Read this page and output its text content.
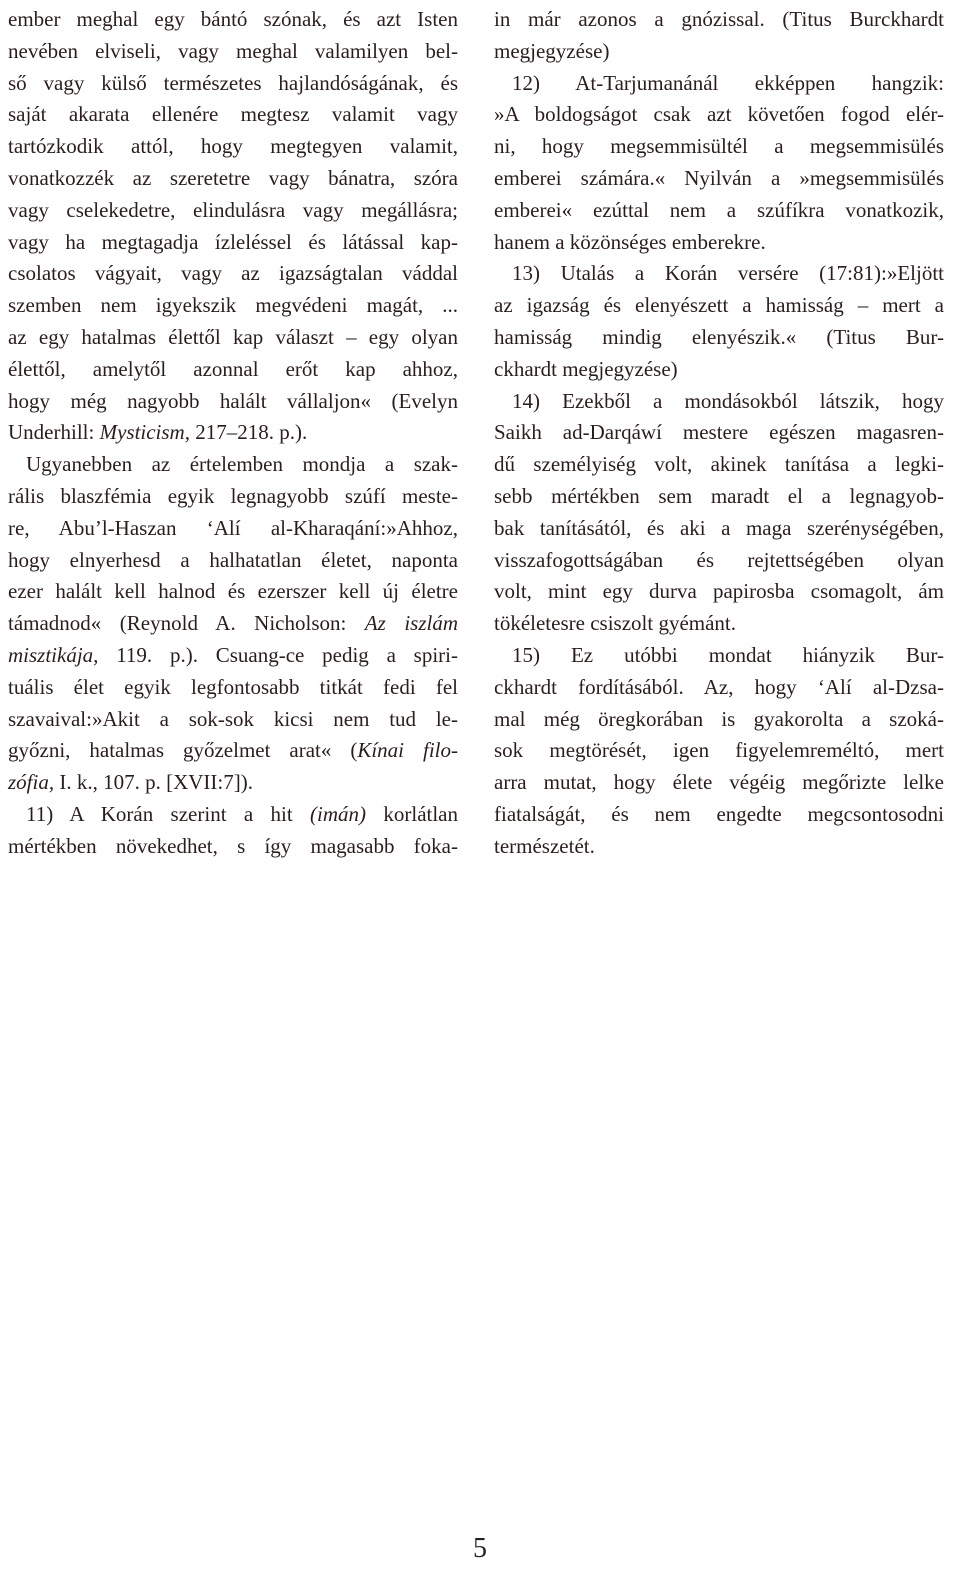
ember meghal egy bántó szónak, és azt Isten
nevében elviseli, vagy meghal valamilyen bel-
ső vagy külső természetes hajlandóságának, és
saját akarata ellenére megtesz valamit vagy
tartózkodik attól, hogy megtegyen valamit,
vonatkozzék az szeretetre vagy bánatra, szóra
vagy cselekedetre, elindulásra vagy megállásra;
vagy ha megtagadja ízleléssel és látással kap-
csolatos vágyait, vagy az igazságtalan váddal
szemben nem igyekszik megvédeni magát, ...
az egy hatalmas élettől kap választ – egy olyan
élettől, amelytől azonnal erőt kap ahhoz,
hogy még nagyobb halált vállaljon« (Evelyn
Underhill: Mysticism, 217–218. p.).

Ugyanebben az értelemben mondja a szak-
rális blaszfémia egyik legnagyobb szúfí meste-
re, Abu’l-Haszan ‘Alí al-Kharaqání:»Ahhoz,
hogy elnyerhesd a halhatatlan életet, naponta
ezer halált kell halnod és ezerszer kell új életre
támadnod« (Reynold A. Nicholson: Az iszlám
misztikája, 119. p.). Csuang-ce pedig a spiri-
tuális élet egyik legfontosabb titkát fedi fel
szavaival:»Akit a sok-sok kicsi nem tud le-
győzni, hatalmas győzelmet arat« (Kínai filo-
zófia, I. k., 107. p. [XVII:7]).

11) A Korán szerint a hit (imán) korlátlan
mértékben növekedhet, s így magasabb foka-

in már azonos a gnózissal. (Titus Burckhardt
megjegyzése)

12) At-Tarjumanánál ekképpen hangzik:
»A boldogságot csak azt követően fogod elér-
ni, hogy megsemmisültél a megsemmisülés
emberei számára.« Nyilván a »megsemmisülés
emberei« ezúttal nem a szúfíkra vonatkozik,
hanem a közönséges emberekre.

13) Utalás a Korán versére (17:81):»Eljött
az igazság és elenyészett a hamisság – mert a
hamisság mindig elenyészik.« (Titus Bur-
ckhardt megjegyzése)

14) Ezekből a mondásokból látszik, hogy
Saikh ad-Darqáwí mestere egészen magasren-
dű személyiség volt, akinek tanítása a legki-
sebb mértékben sem maradt el a legnagyob-
bak tanításától, és aki a maga szerénységében,
visszafogottságában és rejtettségében olyan
volt, mint egy durva papirosba csomagolt, ám
tökéletesre csiszolt gyémánt.

15) Ez utóbbi mondat hiányzik Bur-
ckhardt fordításából. Az, hogy ‘Alí al-Dzsa-
mal még öregkorában is gyakorolta a szoká-
sok megtörését, igen figyelemreméltó, mert
arra mutat, hogy élete végéig megőrizte lelke
fiatalságát, és nem engedte megcsontosodni
természetét.

5
